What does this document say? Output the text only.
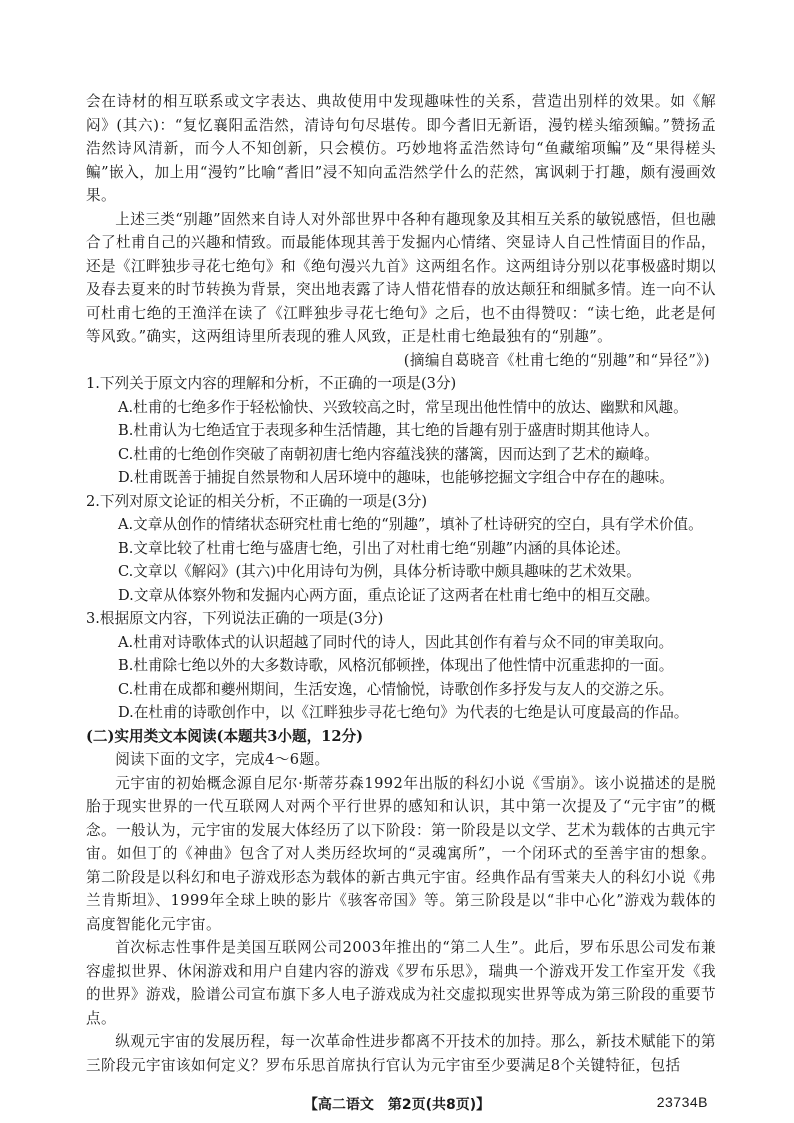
会在诗材的相互联系或文字表达、典故使用中发现趣味性的关系，营造出别样的效果。如《解闷》(其六)：“复忆襄阳孟浩然，清诗句句尽堪传。即今耆旧无新语，漫钓槎头缩颈鳊。”赞扬孟浩然诗风清新，而今人不知创新，只会模仿。巧妙地将孟浩然诗句“鱼藏缩项鳊”及“果得槎头鳊”嵌入，加上用“漫钓”比喻“耆旧”浸不知向孟浩然学什么的茫然，寓讽刺于打趣，颇有漫画效果。

上述三类“别趣”固然来自诗人对外部世界中各种有趣现象及其相互关系的敏锐感悟，但也融合了杜甫自己的兴趣和情致。而最能体现其善于发掘内心情绪、突显诗人自己性情面目的作品，还是《江畔独步寻花七绝句》和《绝句漫兴九首》这两组名作。这两组诗分别以花事极盛时期以及春去夏来的时节转换为背景，突出地表露了诗人惜花惜春的放达颠狂和细腻多情。连一向不认可杜甫七绝的王渔洋在读了《江畔独步寻花七绝句》之后，也不由得赞叹：“读七绝，此老是何等风致。”确实，这两组诗里所表现的雅人风致，正是杜甫七绝最独有的“别趣”。

(摘编自葛晓音《杜甫七绝的“别趣”和“异径”》)

1.下列关于原文内容的理解和分析，不正确的一项是(3分)

A.杜甫的七绝多作于轻松愉快、兴致较高之时，常呈现出他性情中的放达、幽默和风趣。

B.杜甫认为七绝适宜于表现多种生活情趣，其七绝的旨趣有别于盛唐时期其他诗人。

C.杜甫的七绝创作突破了南朝初唐七绝内容蕴浅狭的藩篱，因而达到了艺术的巅峰。

D.杜甫既善于捕捉自然景物和人居环境中的趣味，也能够挖掘文字组合中存在的趣味。

2.下列对原文论证的相关分析，不正确的一项是(3分)

A.文章从创作的情绪状态研究杜甫七绝的“别趣”，填补了杜诗研究的空白，具有学术价值。

B.文章比较了杜甫七绝与盛唐七绝，引出了对杜甫七绝“别趣”内涵的具体论述。

C.文章以《解闷》(其六)中化用诗句为例，具体分析诗歌中颇具趣味的艺术效果。

D.文章从体察外物和发掘内心两方面，重点论证了这两者在杜甫七绝中的相互交融。

3.根据原文内容，下列说法正确的一项是(3分)

A.杜甫对诗歌体式的认识超越了同时代的诗人，因此其创作有着与众不同的审美取向。

B.杜甫除七绝以外的大多数诗歌，风格沉郁顿挫，体现出了他性情中沉重悲抑的一面。

C.杜甫在成都和夔州期间，生活安逸，心情愉悦，诗歌创作多抒发与友人的交游之乐。

D.在杜甫的诗歌创作中，以《江畔独步寻花七绝句》为代表的七绝是认可度最高的作品。

(二)实用类文本阅读(本题共3小题，12分)

阅读下面的文字，完成4～6题。

元宇宙的初始概念源自尼尔·斯蒂芬森1992年出版的科幻小说《雪崩》。该小说描述的是脱胎于现实世界的一代互联网人对两个平行世界的感知和认识，其中第一次提及了“元宇宙”的概念。一般认为，元宇宙的发展大体经历了以下阶段：第一阶段是以文学、艺术为载体的古典元宇宙。如但丁的《神曲》包含了对人类历经坎坷的“灵魂寓所”，一个闭环式的至善宇宙的想象。第二阶段是以科幻和电子游戏形态为载体的新古典元宇宙。经典作品有雪莱夫人的科幻小说《弗兰肯斯坦》、1999年全球上映的影片《骇客帝国》等。第三阶段是以“非中心化”游戏为载体的高度智能化元宇宙。

首次标志性事件是美国互联网公司2003年推出的“第二人生”。此后，罗布乐思公司发布兼容虚拟世界、休闲游戏和用户自建内容的游戏《罗布乐思》，瑞典一个游戏开发工作室开发《我的世界》游戏，脸谱公司宣布旗下多人电子游戏成为社交虚拟现实世界等成为第三阶段的重要节点。

纵观元宇宙的发展历程，每一次革命性进步都离不开技术的加持。那么，新技术赋能下的第三阶段元宇宙该如何定义？罗布乐思首席执行官认为元宇宙至少要满足8个关键特征，包括

【高二语文　第2页(共8页)】	23734B
